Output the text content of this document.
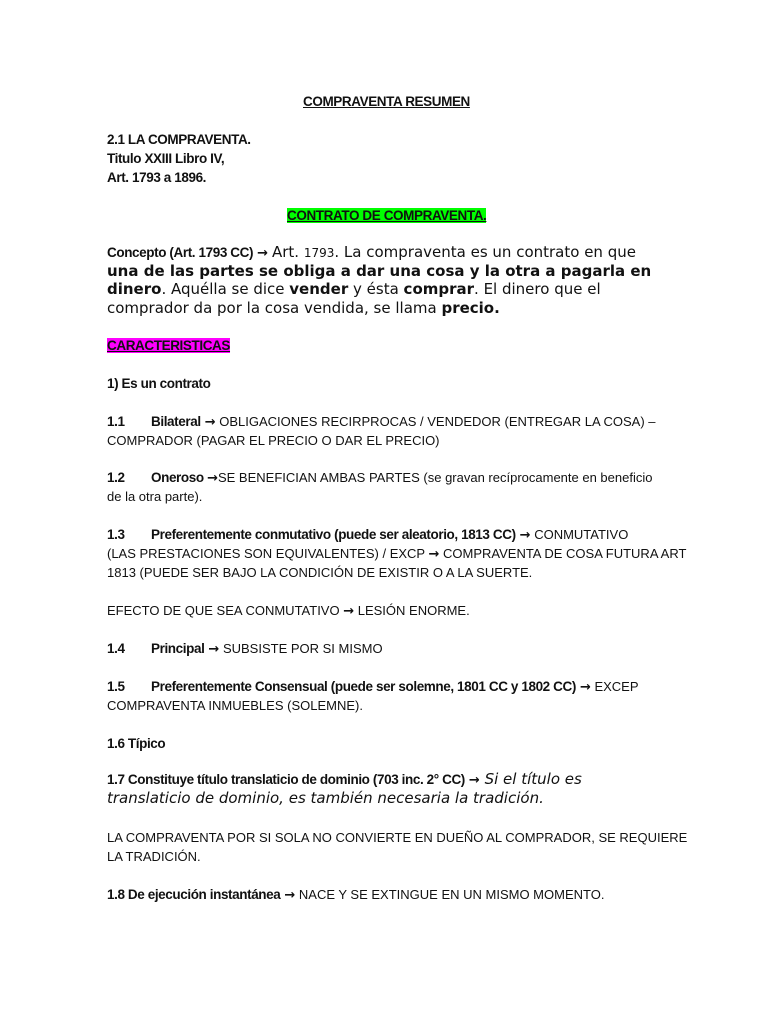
COMPRAVENTA RESUMEN

2.1 LA COMPRAVENTA.

Titulo XXIII Libro IV,

Art. 1793 a 1896.

CONTRATO DE COMPRAVENTA.

Concepto (Art. 1793 CC) → Art. 1793. La compraventa es un contrato en que

una de las partes se obliga a dar una cosa y la otra a pagarla en

dinero. Aquélla se dice vender y ésta comprar. El dinero que el

comprador da por la cosa vendida, se llama precio.

CARACTERISTICAS

1) Es un contrato

1.1 Bilateral → OBLIGACIONES RECIRPROCAS / VENDEDOR (ENTREGAR LA COSA) –

COMPRADOR (PAGAR EL PRECIO O DAR EL PRECIO)

1.2 Oneroso →SE BENEFICIAN AMBAS PARTES (se gravan recíprocamente en beneficio

de la otra parte).

1.3 Preferentemente conmutativo (puede ser aleatorio, 1813 CC) → CONMUTATIVO

(LAS PRESTACIONES SON EQUIVALENTES) / EXCP → COMPRAVENTA DE COSA FUTURA ART

1813 (PUEDE SER BAJO LA CONDICIÓN DE EXISTIR O A LA SUERTE.

EFECTO DE QUE SEA CONMUTATIVO → LESIÓN ENORME.

1.4 Principal → SUBSISTE POR SI MISMO

1.5 Preferentemente Consensual (puede ser solemne, 1801 CC y 1802 CC) → EXCEP

COMPRAVENTA INMUEBLES (SOLEMNE).

1.6 Típico

1.7 Constituye título translaticio de dominio (703 inc. 2° CC) → Si el título es

translaticio de dominio, es también necesaria la tradición.

LA COMPRAVENTA POR SI SOLA NO CONVIERTE EN DUEÑO AL COMPRADOR, SE REQUIERE

LA TRADICIÓN.

1.8 De ejecución instantánea → NACE Y SE EXTINGUE EN UN MISMO MOMENTO.
